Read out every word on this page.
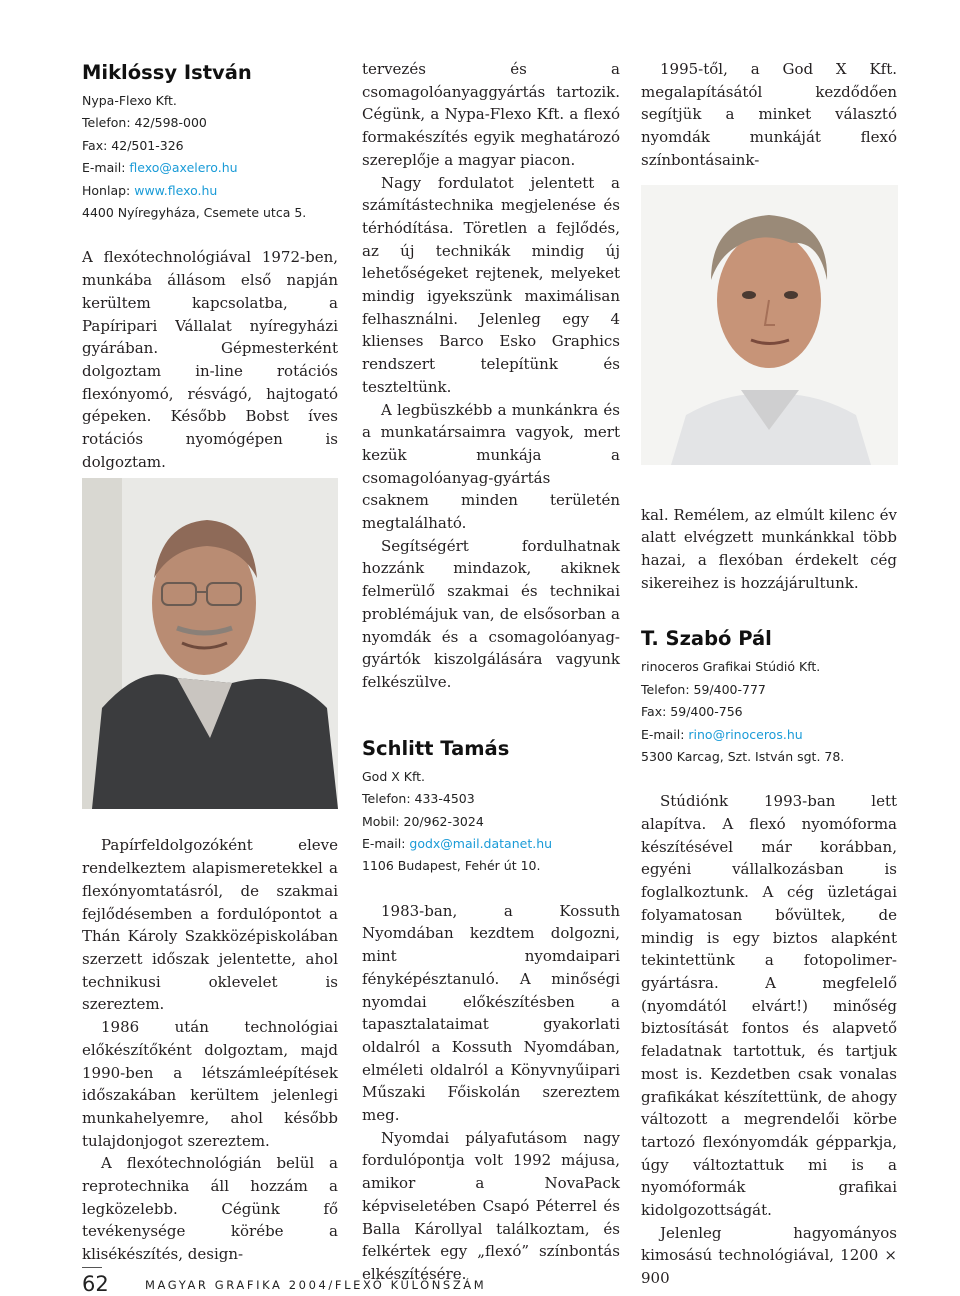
Miklóssy István
Nypa-Flexo Kft.
Telefon: 42/598-000
Fax: 42/501-326
E-mail: flexo@axelero.hu
Honlap: www.flexo.hu
4400 Nyíregyháza, Csemete utca 5.

A flexótechnológiával 1972-ben, munkába állásom első napján kerültem kapcsolatba, a Papíripari Vállalat nyíregyházi gyárában. Gépmesterként dolgoztam in-line rotációs flexónyomó, résvágó, hajtogató gépeken. Később Bobst íves rotációs nyomógépen is dolgoztam.

Papírfeldolgozóként eleve rendelkeztem alapismeretekkel a flexónyomtatásról, de szakmai fejlődésemben a fordulópontot a Thán Károly Szakközépiskolában szerzett időszak jelentette, ahol technikusi oklevelet is szereztem.

1986 után technológiai előkészítőként dolgoztam, majd 1990-ben a létszámleépítések időszakában kerültem jelenlegi munkahelyemre, ahol később tulajdonjogot szereztem.

A flexótechnológián belül a reprotechnika áll hozzám a legközelebb. Cégünk fő tevékenysége körébe a klisékészítés, design-

tervezés és a csomagolóanyaggyártás tartozik. Cégünk, a Nypa-Flexo Kft. a flexó formakészítés egyik meghatározó szereplője a magyar piacon.

Nagy fordulatot jelentett a számítástechnika megjelenése és térhódítása. Töretlen a fejlődés, az új technikák mindig új lehetőségeket rejtenek, melyeket mindig igyekszünk maximálisan felhasználni. Jelenleg egy 4 klienses Barco Esko Graphics rendszert telepítünk és teszteltünk.

A legbüszkébb a munkánkra és a munkatársaimra vagyok, mert kezük munkája a csomagolóanyag-gyártás csaknem minden területén megtalálható.

Segítségért fordulhatnak hozzánk mindazok, akiknek felmerülő szakmai és technikai problémájuk van, de elsősorban a nyomdák és a csomagolóanyag-gyártók kiszolgálására vagyunk felkészülve.

Schlitt Tamás
God X Kft.
Telefon: 433-4503
Mobil: 20/962-3024
E-mail: godx@mail.datanet.hu
1106 Budapest, Fehér út 10.

1983-ban, a Kossuth Nyomdában kezdtem dolgozni, mint nyomdaipari fényképésztanuló. A minőségi nyomdai előkészítésben a tapasztalataimat gyakorlati oldalról a Kossuth Nyomdában, elméleti oldalról a Könyvnyűipari Műszaki Főiskolán szereztem meg.

Nyomdai pályafutásom nagy fordulópontja volt 1992 májusa, amikor a NovaPack képviseletében Csapó Péterrel és Balla Károllyal találkoztam, és felkértek egy „flexó” színbontás elkészítésére.

1995-től, a God X Kft. megalapításától kezdődően segítjük a minket választó nyomdák munkáját flexó színbontásaink-

kal. Remélem, az elmúlt kilenc év alatt elvégzett munkánkkal több hazai, a flexóban érdekelt cég sikereihez is hozzájárultunk.

T. Szabó Pál
rinoceros Grafikai Stúdió Kft.
Telefon: 59/400-777
Fax: 59/400-756
E-mail: rino@rinoceros.hu
5300 Karcag, Szt. István sgt. 78.

Stúdiónk 1993-ban lett alapítva. A flexó nyomóforma készítésével már korábban, egyéni vállalkozásban is foglalkoztunk. A cég üzletágai folyamatosan bővültek, de mindig is egy biztos alapként tekintettünk a fotopolimer-gyártásra. A megfelelő (nyomdától elvárt!) minőség biztosítását fontos és alapvető feladatnak tartottuk, és tartjuk most is. Kezdetben csak vonalas grafikákat készítettünk, de ahogy változott a megrendelői körbe tartozó flexónyomdák gépparkja, úgy változtattuk mi is a nyomóformák grafikai kidolgozottságát.

Jelenleg hagyományos kimosású technológiával, 1200 × 900

62	MAGYAR GRAFIKA 2004/FLEXÓ KÜLÖNSZÁM
